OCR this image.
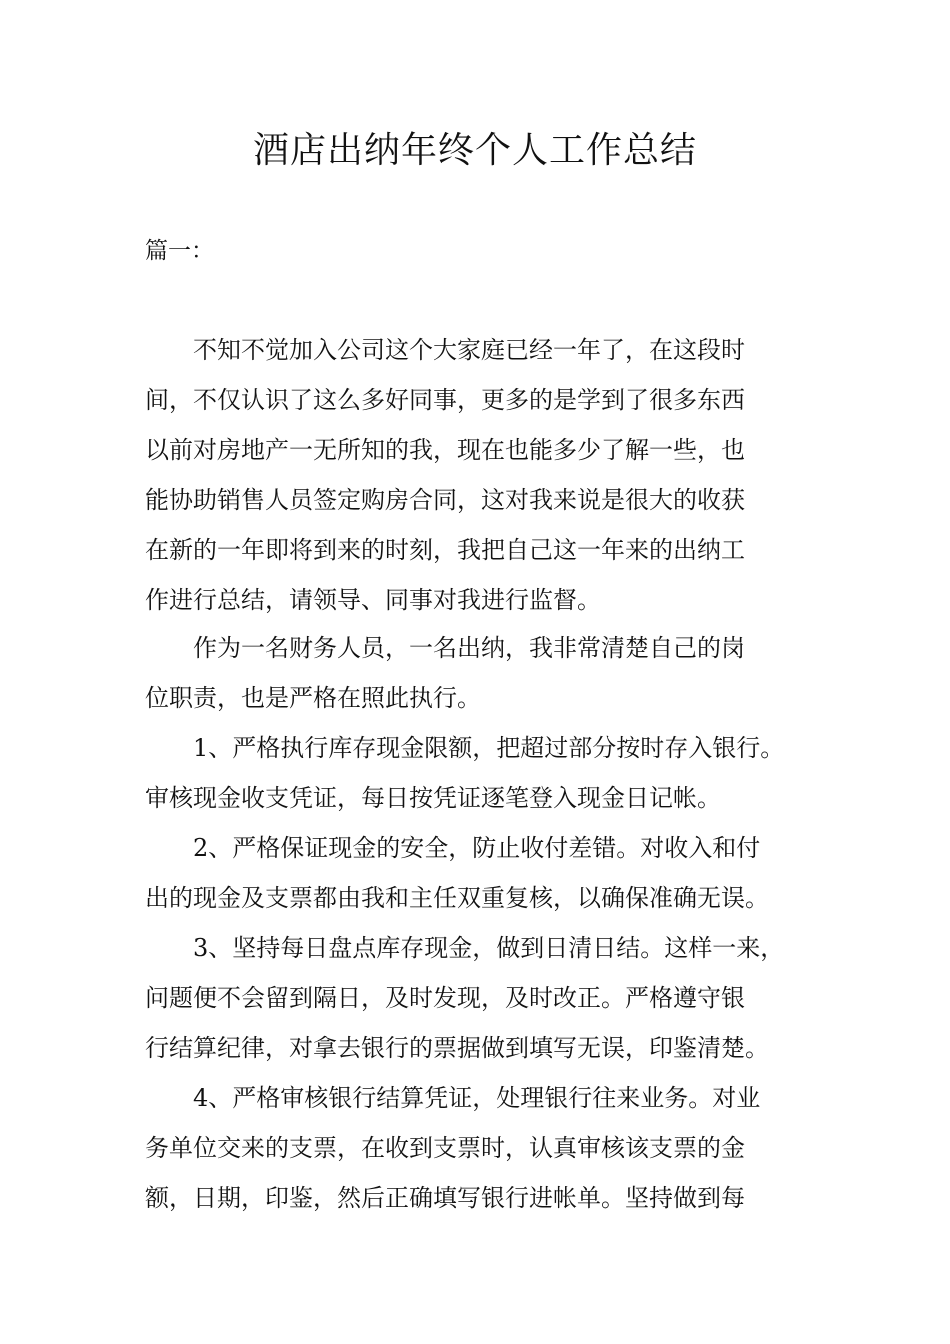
酒店出纳年终个人工作总结
篇一：
　　不知不觉加入公司这个大家庭已经一年了，在这段时
间，不仅认识了这么多好同事，更多的是学到了很多东西
以前对房地产一无所知的我，现在也能多少了解一些，也
能协助销售人员签定购房合同，这对我来说是很大的收获
在新的一年即将到来的时刻，我把自己这一年来的出纳工
作进行总结，请领导、同事对我进行监督。
　　作为一名财务人员，一名出纳，我非常清楚自己的岗
位职责，也是严格在照此执行。
　　1、严格执行库存现金限额，把超过部分按时存入银行。
审核现金收支凭证，每日按凭证逐笔登入现金日记帐。
　　2、严格保证现金的安全，防止收付差错。对收入和付
出的现金及支票都由我和主任双重复核，以确保准确无误。
　　3、坚持每日盘点库存现金，做到日清日结。这样一来，
问题便不会留到隔日，及时发现，及时改正。严格遵守银
行结算纪律，对拿去银行的票据做到填写无误，印鉴清楚。
　　4、严格审核银行结算凭证，处理银行往来业务。对业
务单位交来的支票，在收到支票时，认真审核该支票的金
额，日期，印鉴，然后正确填写银行进帐单。坚持做到每
